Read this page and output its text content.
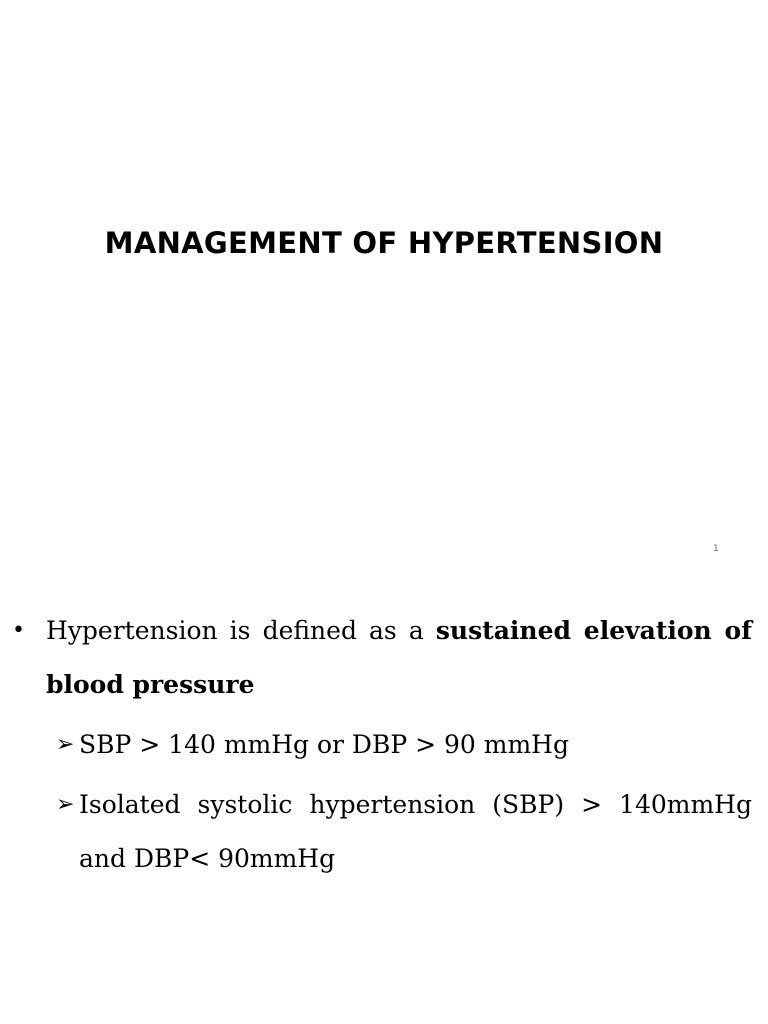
MANAGEMENT OF HYPERTENSION
1
• Hypertension is defined as a sustained elevation of blood pressure
➢ SBP > 140 mmHg or DBP > 90 mmHg
➢ Isolated systolic hypertension (SBP) > 140mmHg and DBP< 90mmHg
